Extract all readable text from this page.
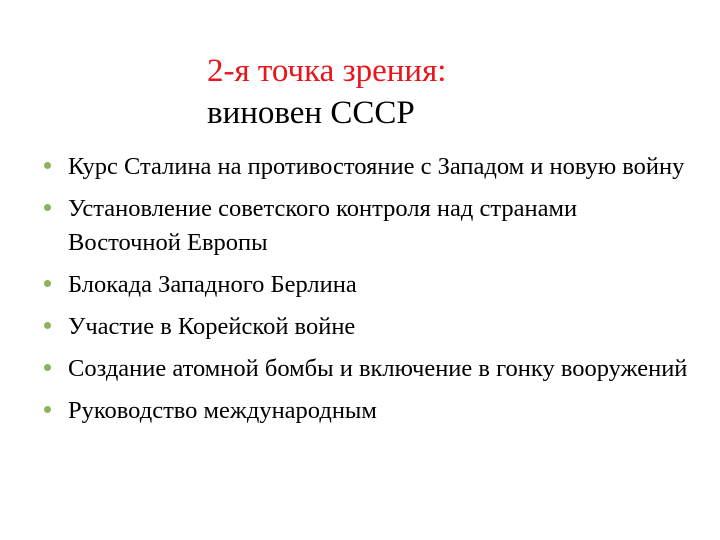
2-я точка зрения:
виновен СССР
Курс Сталина на противостояние с Западом и новую войну
Установление советского контроля над странами Восточной Европы
Блокада Западного Берлина
Участие в Корейской войне
Создание атомной бомбы и включение в гонку вооружений
Руководство международным
